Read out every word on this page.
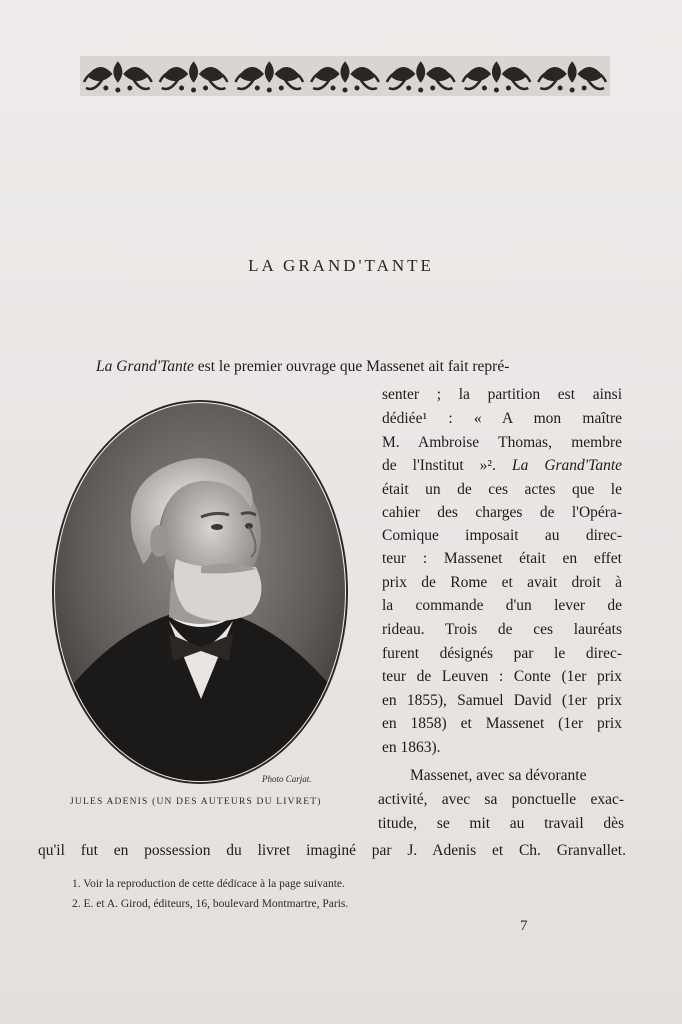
LA GRAND'TANTE
La Grand'Tante est le premier ouvrage que Massenet ait fait repré-
senter ; la partition est ainsi
dédiée¹ : « A mon maître
M. Ambroise Thomas, membre
de l'Institut »². La Grand'Tante
était un de ces actes que le
cahier des charges de l'Opéra-
Comique imposait au direc-
teur : Massenet était en effet
prix de Rome et avait droit à
la commande d'un lever de
rideau. Trois de ces lauréats
furent désignés par le direc-
teur de Leuven : Conte (1er prix
en 1855), Samuel David (1er prix
en 1858) et Massenet (1er prix
en 1863).
Massenet, avec sa dévorante
activité, avec sa ponctuelle exac-
titude, se mit au travail dès
qu'il fut en possession du livret imaginé par J. Adenis et Ch. Granvallet.
Photo Carjat.
JULES ADENIS (UN DES AUTEURS DU LIVRET)
1. Voir la reproduction de cette dédicace à la page suivante.
2. E. et A. Girod, éditeurs, 16, boulevard Montmartre, Paris.
7
